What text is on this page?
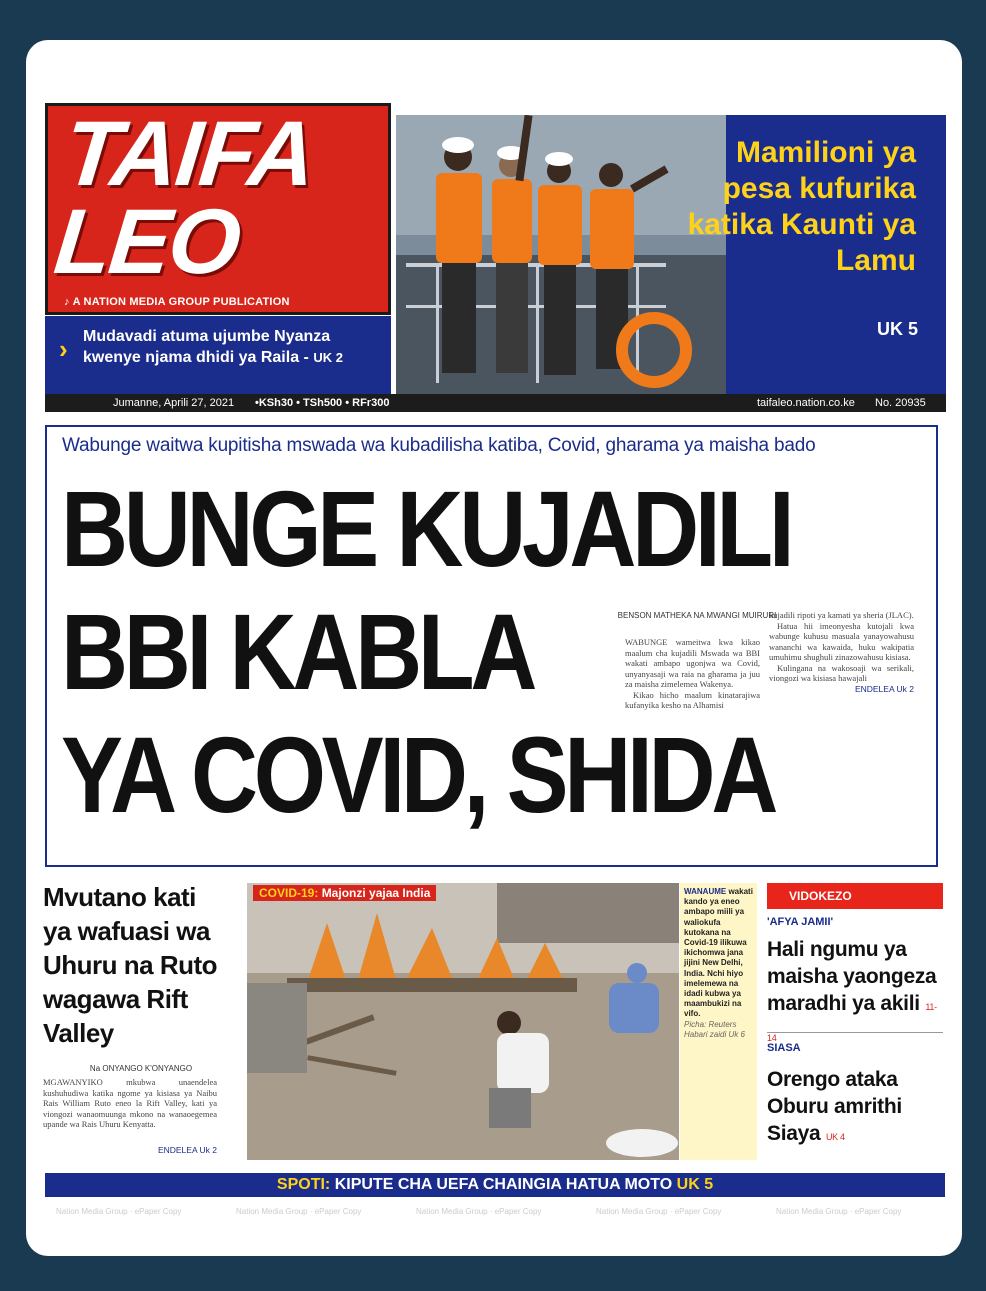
TAIFA
LEO
♪ A NATION MEDIA GROUP PUBLICATION
Mamilioni ya pesa kufurika katika Kaunti ya Lamu
UK 5
› Mudavadi atuma ujumbe Nyanza kwenye njama dhidi ya Raila - UK 2
Jumanne, Aprili 27, 2021 •KSh30 • TSh500 • RFr300	taifaleo.nation.co.ke No. 20935
Wabunge waitwa kupitisha mswada wa kubadilisha katiba, Covid, gharama ya maisha bado
BUNGE KUJADILI
BBI KABLA
YA COVID, SHIDA
BENSON MATHEKA NA MWANGI MUIRURI

WABUNGE wameitwa kwa kikao maalum cha kujadili Mswada wa BBI wakati ambapo ugonjwa wa Covid, unyanyasaji wa raia na gharama ja juu za maisha zimelemea Wakenya.

Kikao hicho maalum kinatarajiwa kufanyika kesho na Alhamisi

kujadili ripoti ya kamati ya sheria (JLAC).

Hatua hii imeonyesha kutojali kwa wabunge kuhusu masuala yanayowahusu wananchi wa kawaida, huku wakipatia umuhimu shughuli zinazowahusu kisiasa.

Kulingana na wakosoaji wa serikali, viongozi wa kisiasa hawajali

ENDELEA Uk 2

Mvutano kati ya wafuasi wa Uhuru na Ruto wagawa Rift Valley
Na ONYANGO K'ONYANGO
MGAWANYIKO mkubwa unaendelea kushuhudiwa katika ngome ya kisiasa ya Naibu Rais William Ruto eneo la Rift Valley, kati ya viongozi wanaomuunga mkono na wanaoegemea upande wa Rais Uhuru Kenyatta.
ENDELEA Uk 2
COVID-19: Majonzi yajaa India	WANAUME wakati kando ya eneo ambapo miili ya waliokufa kutokana na Covid-19 ilikuwa ikichomwa jana jijini New Delhi, India. Nchi hiyo imelemewa na idadi kubwa ya maambukizi na vifo.
Picha: Reuters Habari zaidi Uk 6
VIDOKEZO
'AFYA JAMII'
Hali ngumu ya maisha yaongeza maradhi ya akili 11-14
SIASA
Orengo ataka Oburu amrithi Siaya UK 4
SPOTI: KIPUTE CHA UEFA CHAINGIA HATUA MOTO UK 5
Nation Media Group · ePaper Copy	Nation Media Group · ePaper Copy	Nation Media Group · ePaper Copy	Nation Media Group · ePaper Copy	Nation Media Group · ePaper Copy
